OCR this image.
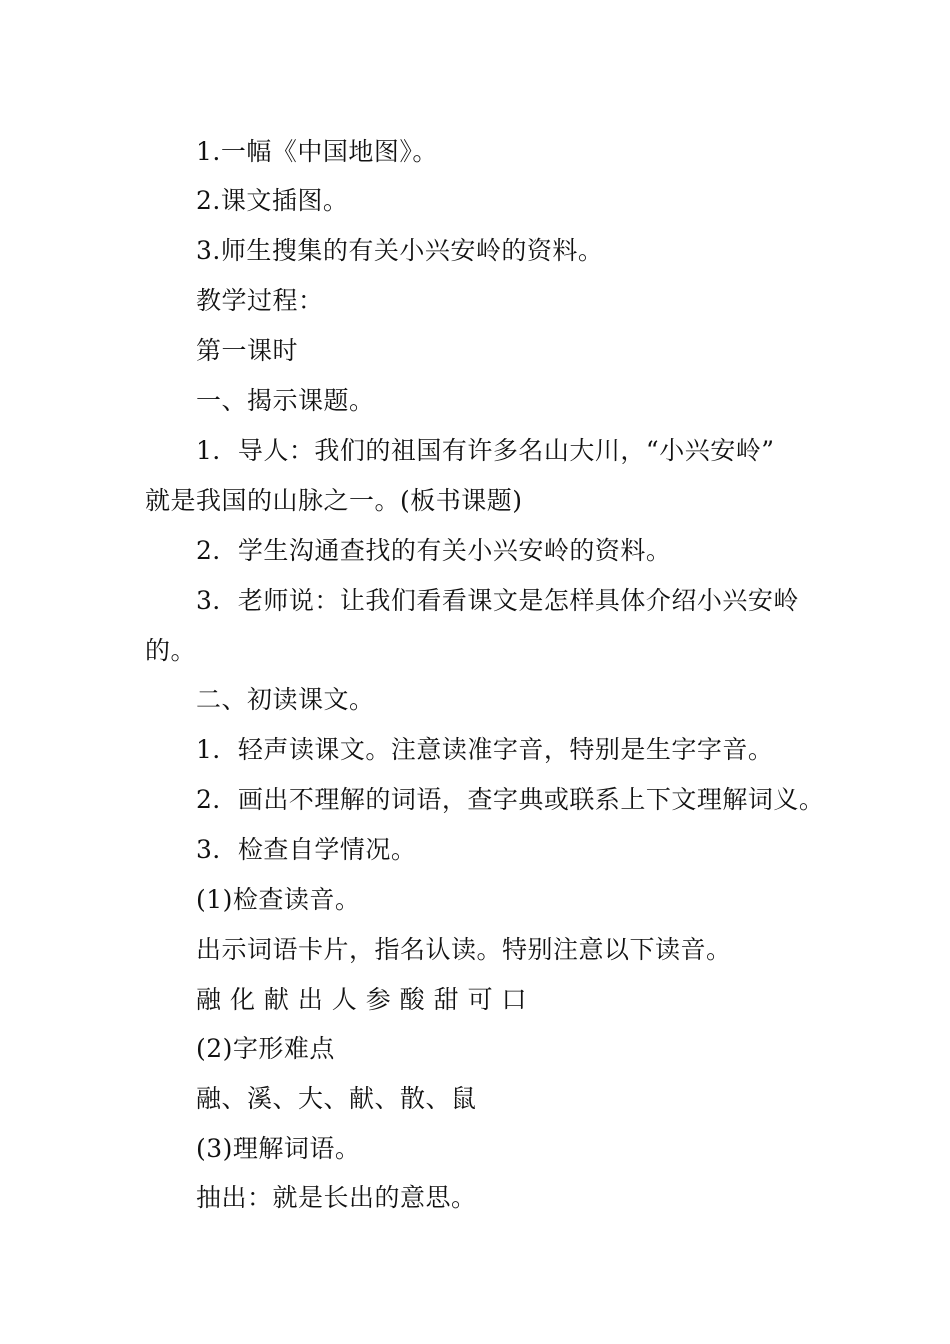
1.一幅《中国地图》。
2.课文插图。
3.师生搜集的有关小兴安岭的资料。
教学过程：
第一课时
一、揭示课题。
1．导人：我们的祖国有许多名山大川，“小兴安岭”
就是我国的山脉之一。(板书课题)
2．学生沟通查找的有关小兴安岭的资料。
3．老师说：让我们看看课文是怎样具体介绍小兴安岭
的。
二、初读课文。
1．轻声读课文。注意读准字音，特别是生字字音。
2．画出不理解的词语，查字典或联系上下文理解词义。
3．检查自学情况。
(1)检查读音。
出示词语卡片，指名认读。特别注意以下读音。
融 化 献 出 人 参 酸 甜 可 口
(2)字形难点
融、溪、大、献、散、鼠
(3)理解词语。
抽出：就是长出的意思。
